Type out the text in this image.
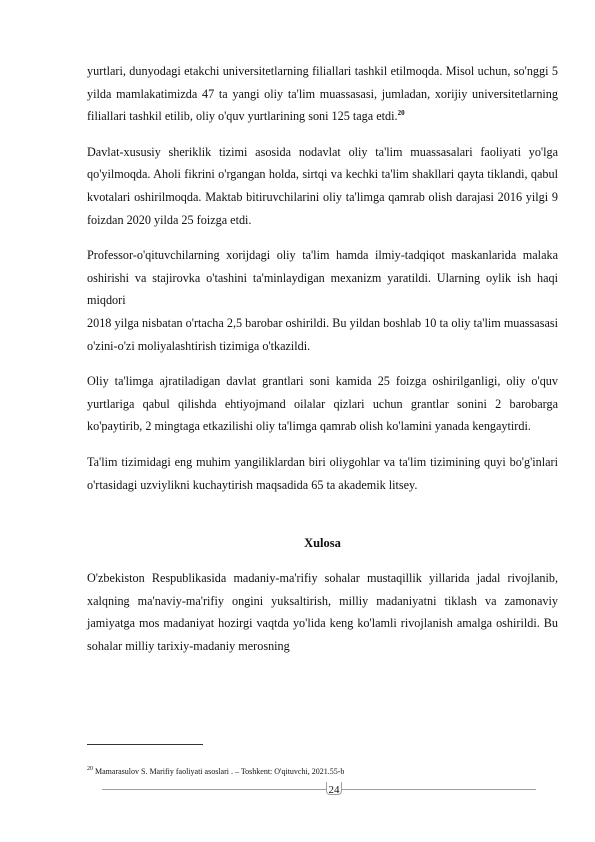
yurtlari, dunyodagi etakchi universitetlarning filiallari tashkil etilmoqda. Misol uchun, so'nggi 5 yilda mamlakatimizda 47 ta yangi oliy ta'lim muassasasi, jumladan, xorijiy universitetlarning filiallari tashkil etilib, oliy o'quv yurtlarining soni 125 taga etdi.$^{20}$

Davlat-xususiy sheriklik tizimi asosida nodavlat oliy ta'lim muassasalari faoliyati yo'lga qo'yilmoqda. Aholi fikrini o'rgangan holda, sirtqi va kechki ta'lim shakllari qayta tiklandi, qabul kvotalari oshirilmoqda. Maktab bitiruvchilarini oliy ta'limga qamrab olish darajasi 2016 yilgi 9 foizdan 2020 yilda 25 foizga etdi.

Professor-o'qituvchilarning xorijdagi oliy ta'lim hamda ilmiy-tadqiqot maskanlarida malaka oshirishi va stajirovka o'tashini ta'minlaydigan mexanizm yaratildi. Ularning oylik ish haqi miqdori
2018 yilga nisbatan o'rtacha 2,5 barobar oshirildi. Bu yildan boshlab 10 ta oliy ta'lim muassasasi o'zini-o'zi moliyalashtirish tizimiga o'tkazildi.

Oliy ta'limga ajratiladigan davlat grantlari soni kamida 25 foizga oshirilganligi, oliy o'quv yurtlariga qabul qilishda ehtiyojmand oilalar qizlari uchun grantlar sonini 2 barobarga ko'paytirib, 2 mingtaga etkazilishi oliy ta'limga qamrab olish ko'lamini yanada kengaytirdi.

Ta'lim tizimidagi eng muhim yangiliklardan biri oliygohlar va ta'lim tizimining quyi bo'g'inlari o'rtasidagi uzviylikni kuchaytirish maqsadida 65 ta akademik litsey.

Xulosa

O'zbekiston Respublikasida madaniy-ma'rifiy sohalar mustaqillik yillarida jadal rivojlanib, xalqning ma'naviy-ma'rifiy ongini yuksaltirish, milliy madaniyatni tiklash va zamonaviy jamiyatga mos madaniyat hozirgi vaqtda yo'lida keng ko'lamli rivojlanish amalga oshirildi. Bu sohalar milliy tarixiy-madaniy merosning

$^{20}$ Mamarasulov S. Marifiy faoliyati asoslari . – Toshkent: O'qituvchi, 2021.55-b
24
